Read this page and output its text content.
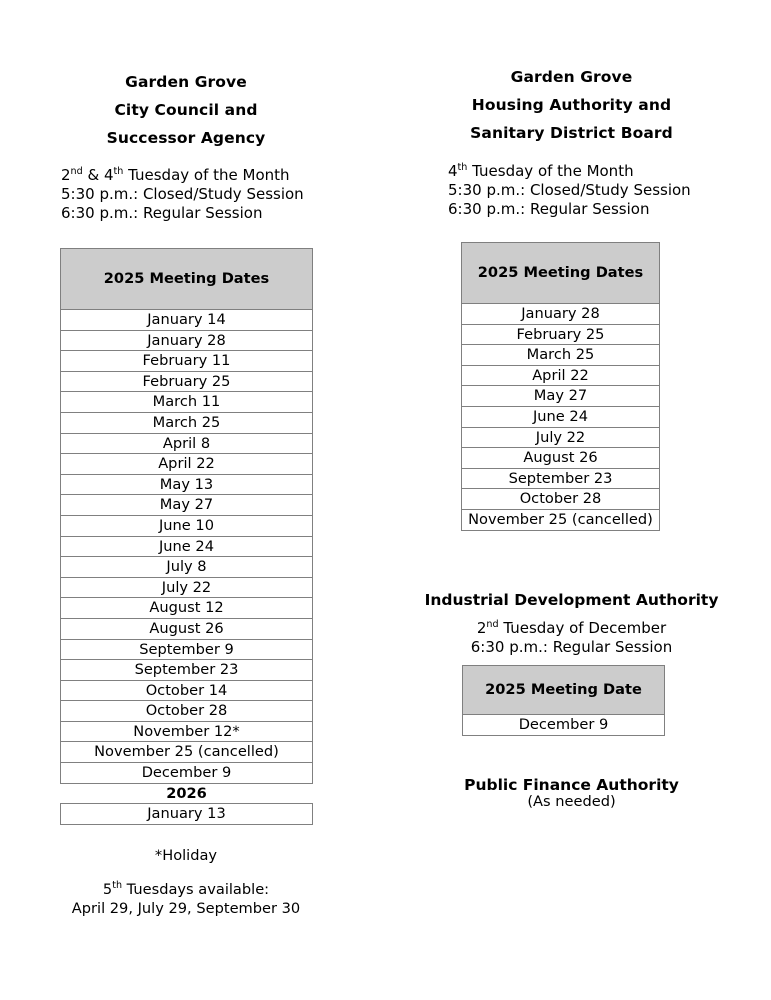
Garden Grove
City Council and
Successor Agency
2nd & 4th Tuesday of the Month
5:30 p.m.: Closed/Study Session
6:30 p.m.: Regular Session
2025 Meeting Dates
January 14
January 28
February 11
February 25
March 11
March 25
April 8
April 22
May 13
May 27
June 10
June 24
July 8
July 22
August 12
August 26
September 9
September 23
October 14
October 28
November 12*
November 25 (cancelled)
December 9
2026
January 13
*Holiday
5th Tuesdays available:
April 29, July 29, September 30
Garden Grove
Housing Authority and
Sanitary District Board
4th Tuesday of the Month
5:30 p.m.: Closed/Study Session
6:30 p.m.: Regular Session
2025 Meeting Dates
January 28
February 25
March 25
April 22
May 27
June 24
July 22
August 26
September 23
October 28
November 25 (cancelled)
Industrial Development Authority
2nd Tuesday of December
6:30 p.m.: Regular Session
2025 Meeting Date
December 9
Public Finance Authority
(As needed)
